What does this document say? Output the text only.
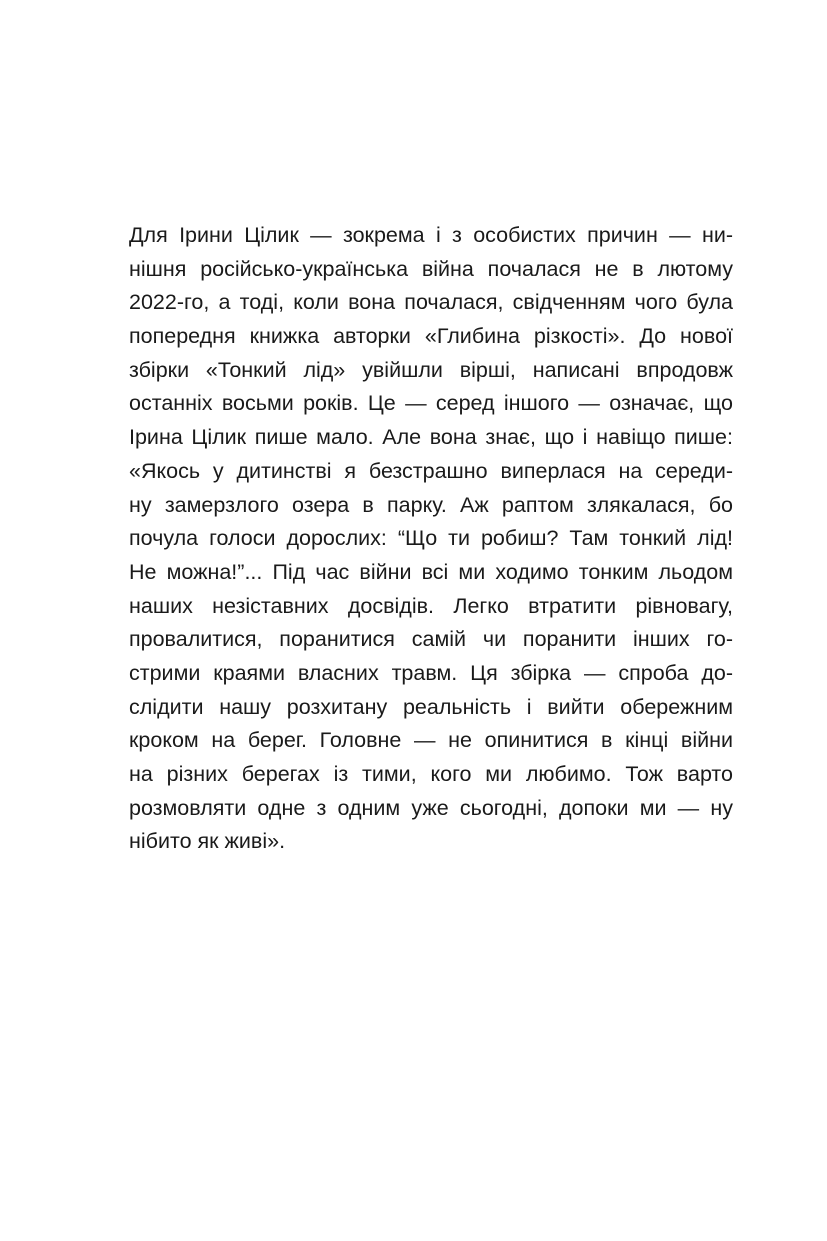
Для Ірини Цілик — зокрема і з особистих причин — ни-
нішня російсько-українська війна почалася не в лютому
2022-го, а тоді, коли вона почалася, свідченням чого була
попередня книжка авторки «Глибина різкості». До нової
збірки «Тонкий лід» увійшли вірші, написані впродовж
останніх восьми років. Це — серед іншого — означає, що
Ірина Цілик пише мало. Але вона знає, що і навіщо пише:
«Якось у дитинстві я безстрашно виперлася на середи-
ну замерзлого озера в парку. Аж раптом злякалася, бо
почула голоси дорослих: “Що ти робиш? Там тонкий лід!
Не можна!”... Під час війни всі ми ходимо тонким льодом
наших незіставних досвідів. Легко втратити рівновагу,
провалитися, поранитися самій чи поранити інших го-
стрими краями власних травм. Ця збірка — спроба до-
слідити нашу розхитану реальність і вийти обережним
кроком на берег. Головне — не опинитися в кінці війни
на різних берегах із тими, кого ми любимо. Тож варто
розмовляти одне з одним уже сьогодні, допоки ми — ну
нібито як живі».
